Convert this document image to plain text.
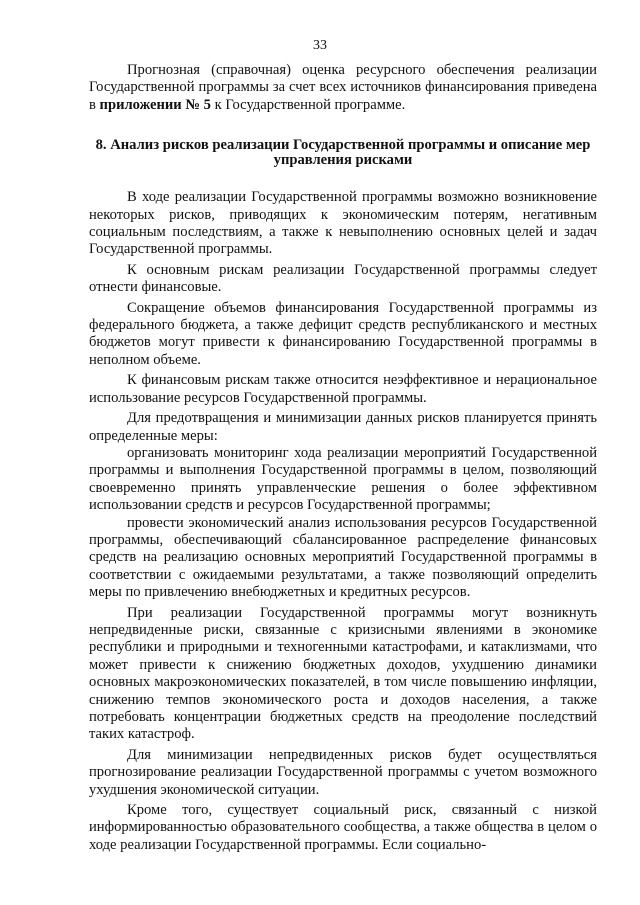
33

Прогнозная (справочная) оценка ресурсного обеспечения реализации Государственной программы за счет всех источников финансирования приведена в приложении № 5 к Государственной программе.

8. Анализ рисков реализации Государственной программы и описание мер управления рисками

В ходе реализации Государственной программы возможно возникновение некоторых рисков, приводящих к экономическим потерям, негативным социальным последствиям, а также к невыполнению основных целей и задач Государственной программы.

К основным рискам реализации Государственной программы следует отнести финансовые.

Сокращение объемов финансирования Государственной программы из федерального бюджета, а также дефицит средств республиканского и местных бюджетов могут привести к финансированию Государственной программы в неполном объеме.

К финансовым рискам также относится неэффективное и нерациональное использование ресурсов Государственной программы.

Для предотвращения и минимизации данных рисков планируется принять определенные меры:

организовать мониторинг хода реализации мероприятий Государственной программы и выполнения Государственной программы в целом, позволяющий своевременно принять управленческие решения о более эффективном использовании средств и ресурсов Государственной программы;

провести экономический анализ использования ресурсов Государственной программы, обеспечивающий сбалансированное распределение финансовых средств на реализацию основных мероприятий Государственной программы в соответствии с ожидаемыми результатами, а также позволяющий определить меры по привлечению внебюджетных и кредитных ресурсов.

При реализации Государственной программы могут возникнуть непредвиденные риски, связанные с кризисными явлениями в экономике республики и природными и техногенными катастрофами, и катаклизмами, что может привести к снижению бюджетных доходов, ухудшению динамики основных макроэкономических показателей, в том числе повышению инфляции, снижению темпов экономического роста и доходов населения, а также потребовать концентрации бюджетных средств на преодоление последствий таких катастроф.

Для минимизации непредвиденных рисков будет осуществляться прогнозирование реализации Государственной программы с учетом возможного ухудшения экономической ситуации.

Кроме того, существует социальный риск, связанный с низкой информированностью образовательного сообщества, а также общества в целом о ходе реализации Государственной программы. Если социально-
